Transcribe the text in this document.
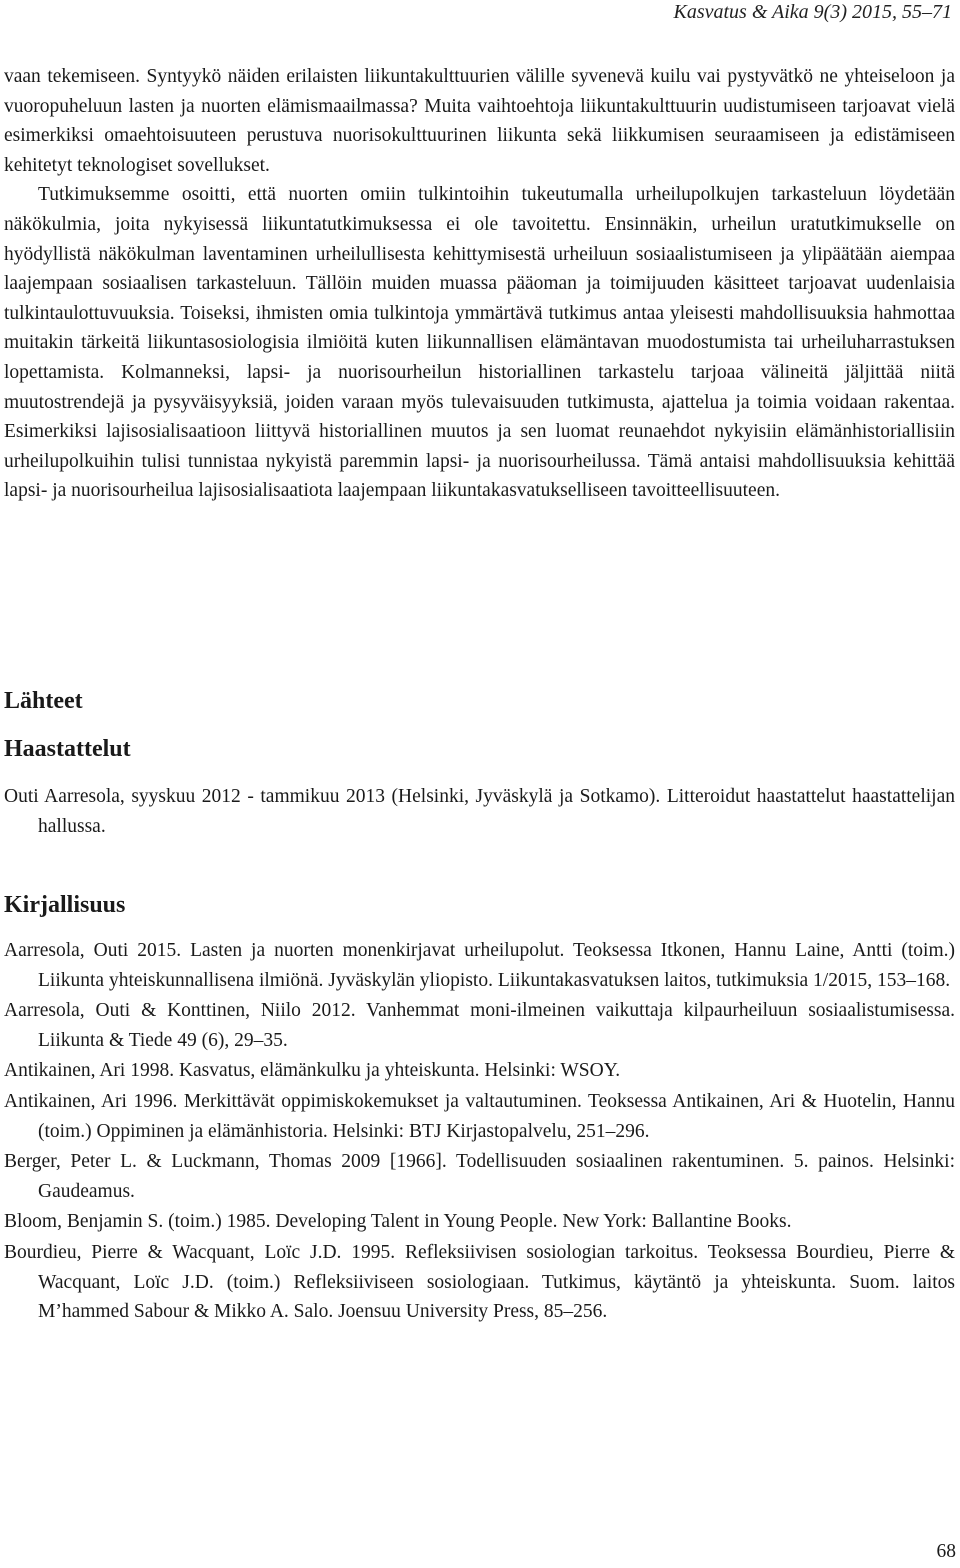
Kasvatus & Aika 9(3) 2015, 55–71

vaan tekemiseen. Syntyykö näiden erilaisten liikuntakulttuurien välille syvenevä kuilu vai pystyvätkö ne yhteiseloon ja vuoropuheluun lasten ja nuorten elämismaailmassa? Muita vaihtoehtoja liikuntakulttuurin uudistumiseen tarjoavat vielä esimerkiksi omaehtoisuuteen perustuva nuorisokulttuurinen liikunta sekä liikkumisen seuraamiseen ja edistämiseen kehitetyt teknologiset sovellukset.

Tutkimuksemme osoitti, että nuorten omiin tulkintoihin tukeutumalla urheilupolkujen tarkasteluun löydetään näkökulmia, joita nykyisessä liikuntatutkimuksessa ei ole tavoitettu. Ensinnäkin, urheilun uratutkimukselle on hyödyllistä näkökulman laventaminen urheilullisesta kehittymisestä urheiluun sosiaalistumiseen ja ylipäätään aiempaa laajempaan sosiaalisen tarkasteluun. Tällöin muiden muassa pääoman ja toimijuuden käsitteet tarjoavat uudenlaisia tulkintaulottuvuuksia. Toiseksi, ihmisten omia tulkintoja ymmärtävä tutkimus antaa yleisesti mahdollisuuksia hahmottaa muitakin tärkeitä liikuntasosiologisia ilmiöitä kuten liikunnallisen elämäntavan muodostumista tai urheiluharrastuksen lopettamista. Kolmanneksi, lapsi- ja nuorisourheilun historiallinen tarkastelu tarjoaa välineitä jäljittää niitä muutostrendejä ja pysyväisyyksiä, joiden varaan myös tulevaisuuden tutkimusta, ajattelua ja toimia voidaan rakentaa. Esimerkiksi lajisosialisaatioon liittyvä historiallinen muutos ja sen luomat reunaehdot nykyisiin elämänhistoriallisiin urheilupolkuihin tulisi tunnistaa nykyistä paremmin lapsi- ja nuorisourheilussa. Tämä antaisi mahdollisuuksia kehittää lapsi- ja nuorisourheilua lajisosialisaatiota laajempaan liikuntakasvatukselliseen tavoitteellisuuteen.

Lähteet
Haastattelut
Outi Aarresola, syyskuu 2012 - tammikuu 2013 (Helsinki, Jyväskylä ja Sotkamo). Litteroidut haastattelut haastattelijan hallussa.
Kirjallisuus
Aarresola, Outi 2015. Lasten ja nuorten monenkirjavat urheilupolut. Teoksessa Itkonen, Hannu Laine, Antti (toim.) Liikunta yhteiskunnallisena ilmiönä. Jyväskylän yliopisto. Liikuntakasvatuksen laitos, tutkimuksia 1/2015, 153–168.
Aarresola, Outi & Konttinen, Niilo 2012. Vanhemmat moni-ilmeinen vaikuttaja kilpaurheiluun sosiaalistumisessa. Liikunta & Tiede 49 (6), 29–35.
Antikainen, Ari 1998. Kasvatus, elämänkulku ja yhteiskunta. Helsinki: WSOY.
Antikainen, Ari 1996. Merkittävät oppimiskokemukset ja valtautuminen. Teoksessa Antikainen, Ari & Huotelin, Hannu (toim.) Oppiminen ja elämänhistoria. Helsinki: BTJ Kirjastopalvelu, 251–296.
Berger, Peter L. & Luckmann, Thomas 2009 [1966]. Todellisuuden sosiaalinen rakentuminen. 5. painos. Helsinki: Gaudeamus.
Bloom, Benjamin S. (toim.) 1985. Developing Talent in Young People. New York: Ballantine Books.
Bourdieu, Pierre & Wacquant, Loïc J.D. 1995. Refleksiivisen sosiologian tarkoitus. Teoksessa Bourdieu, Pierre & Wacquant, Loïc J.D. (toim.) Refleksiiviseen sosiologiaan. Tutkimus, käytäntö ja yhteiskunta. Suom. laitos M’hammed Sabour & Mikko A. Salo. Joensuu University Press, 85–256.
68
